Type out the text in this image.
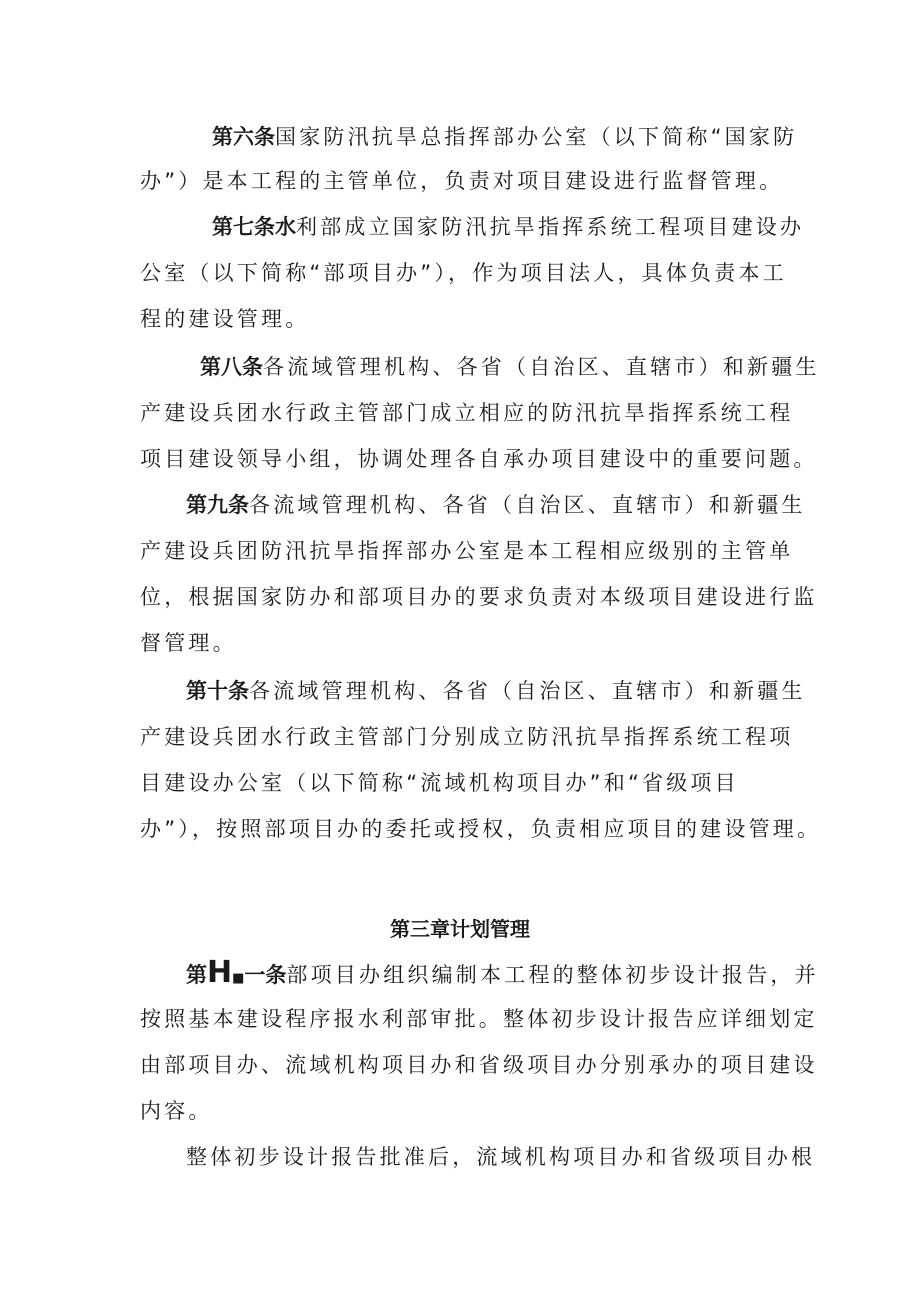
第六条国家防汛抗旱总指挥部办公室（以下简称“国家防
办”）是本工程的主管单位，负责对项目建设进行监督管理。
第七条水利部成立国家防汛抗旱指挥系统工程项目建设办
公室（以下简称“部项目办”），作为项目法人，具体负责本工
程的建设管理。
第八条各流域管理机构、各省（自治区、直辖市）和新疆生
产建设兵团水行政主管部门成立相应的防汛抗旱指挥系统工程
项目建设领导小组，协调处理各自承办项目建设中的重要问题。
第九条各流域管理机构、各省（自治区、直辖市）和新疆生
产建设兵团防汛抗旱指挥部办公室是本工程相应级别的主管单
位，根据国家防办和部项目办的要求负责对本级项目建设进行监
督管理。
第十条各流域管理机构、各省（自治区、直辖市）和新疆生
产建设兵团水行政主管部门分别成立防汛抗旱指挥系统工程项
目建设办公室（以下简称“流域机构项目办”和“省级项目
办”），按照部项目办的委托或授权，负责相应项目的建设管理。
第三章计划管理
第H■一条部项目办组织编制本工程的整体初步设计报告，并
按照基本建设程序报水利部审批。整体初步设计报告应详细划定
由部项目办、流域机构项目办和省级项目办分别承办的项目建设
内容。
整体初步设计报告批准后，流域机构项目办和省级项目办根
